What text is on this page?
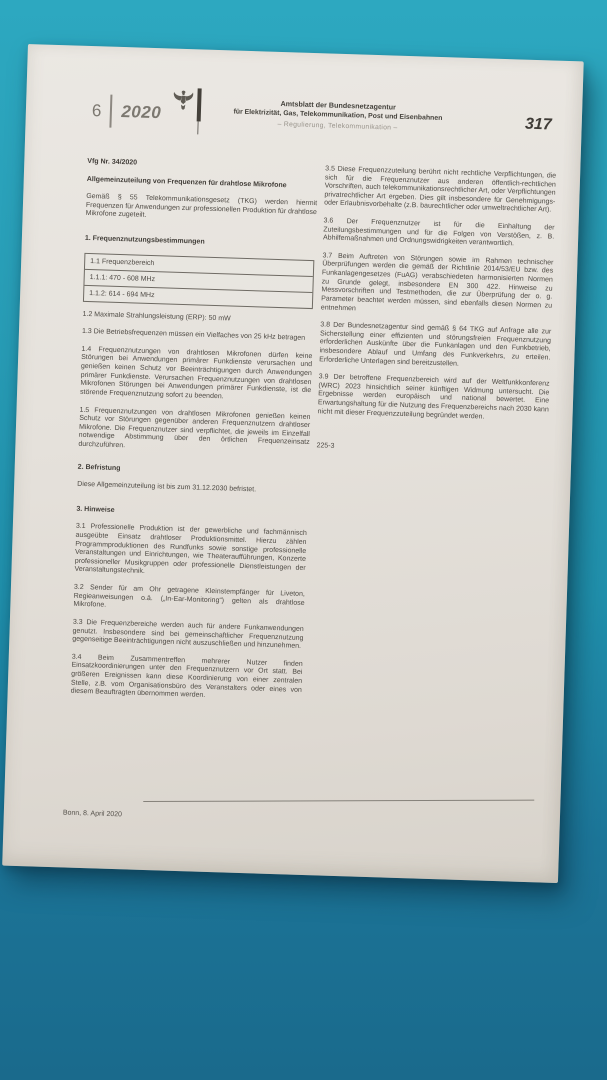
6 2020	Amtsblatt der Bundesnetzagentur
für Elektrizität, Gas, Telekommunikation, Post und Eisenbahnen
– Regulierung, Telekommunikation –	317

Vfg Nr. 34/2020

Allgemeinzuteilung von Frequenzen für drahtlose Mikrofone

Gemäß § 55 Telekommunikationsgesetz (TKG) werden hiermit Frequenzen für Anwendungen zur professionellen Produktion für drahtlose Mikrofone zugeteilt.

1. Frequenznutzungsbestimmungen

1.1 Frequenzbereich
1.1.1: 470 - 608 MHz
1.1.2: 614 - 694 MHz

1.2 Maximale Strahlungsleistung (ERP): 50 mW

1.3 Die Betriebsfrequenzen müssen ein Vielfaches von 25 kHz betragen

1.4 Frequenznutzungen von drahtlosen Mikrofonen dürfen keine Störungen bei Anwendungen primärer Funkdienste verursachen und genießen keinen Schutz vor Beeinträchtigungen durch Anwendungen primärer Funkdienste. Verursachen Frequenznutzungen von drahtlosen Mikrofonen Störungen bei Anwendungen primärer Funkdienste, ist die störende Frequenznutzung sofort zu beenden.

1.5 Frequenznutzungen von drahtlosen Mikrofonen genießen keinen Schutz vor Störungen gegenüber anderen Frequenznutzern drahtloser Mikrofone. Die Frequenznutzer sind verpflichtet, die jeweils im Einzelfall notwendige Abstimmung über den örtlichen Frequenzeinsatz durchzuführen.

2. Befristung

Diese Allgemeinzuteilung ist bis zum 31.12.2030 befristet.

3. Hinweise

3.1 Professionelle Produktion ist der gewerbliche und fachmännisch ausgeübte Einsatz drahtloser Produktionsmittel. Hierzu zählen Programmproduktionen des Rundfunks sowie sonstige professionelle Veranstaltungen und Einrichtungen, wie Theateraufführungen, Konzerte professioneller Musikgruppen oder professionelle Dienstleistungen der Veranstaltungstechnik.

3.2 Sender für am Ohr getragene Kleinstempfänger für Liveton, Regieanweisungen o.ä. („In-Ear-Monitoring“) gelten als drahtlose Mikrofone.

3.3 Die Frequenzbereiche werden auch für andere Funkanwendungen genutzt. Insbesondere sind bei gemeinschaftlicher Frequenznutzung gegenseitige Beeinträchtigungen nicht auszuschließen und hinzunehmen.

3.4 Beim Zusammentreffen mehrerer Nutzer finden Einsatzkoordinierungen unter den Frequenznutzern vor Ort statt. Bei größeren Ereignissen kann diese Koordinierung von einer zentralen Stelle, z.B. vom Organisationsbüro des Veranstalters oder eines von diesem Beauftragten übernommen werden.

3.5 Diese Frequenzzuteilung berührt nicht rechtliche Verpflichtungen, die sich für die Frequenznutzer aus anderen öffentlich-rechtlichen Vorschriften, auch telekommunikationsrechtlicher Art, oder Verpflichtungen privatrechtlicher Art ergeben. Dies gilt insbesondere für Genehmigungs- oder Erlaubnisvorbehalte (z.B. baurechtlicher oder umweltrechtlicher Art).

3.6 Der Frequenznutzer ist für die Einhaltung der Zuteilungsbestimmungen und für die Folgen von Verstößen, z. B. Abhilfemaßnahmen und Ordnungswidrigkeiten verantwortlich.

3.7 Beim Auftreten von Störungen sowie im Rahmen technischer Überprüfungen werden die gemäß der Richtlinie 2014/53/EU bzw. des Funkanlagengesetzes (FuAG) verabschiedeten harmonisierten Normen zu Grunde gelegt, insbesondere EN 300 422. Hinweise zu Messvorschriften und Testmethoden, die zur Überprüfung der o. g. Parameter beachtet werden müssen, sind ebenfalls diesen Normen zu entnehmen

3.8 Der Bundesnetzagentur sind gemäß § 64 TKG auf Anfrage alle zur Sicherstellung einer effizienten und störungsfreien Frequenznutzung erforderlichen Auskünfte über die Funkanlagen und den Funkbetrieb, insbesondere Ablauf und Umfang des Funkverkehrs, zu erteilen. Erforderliche Unterlagen sind bereitzustellen.

3.9 Der betroffene Frequenzbereich wird auf der Weltfunkkonferenz (WRC) 2023 hinsichtlich seiner künftigen Widmung untersucht. Die Ergebnisse werden europäisch und national bewertet. Eine Erwartungshaltung für die Nutzung des Frequenzbereichs nach 2030 kann nicht mit dieser Frequenzzuteilung begründet werden.

225-3

Bonn, 8. April 2020
